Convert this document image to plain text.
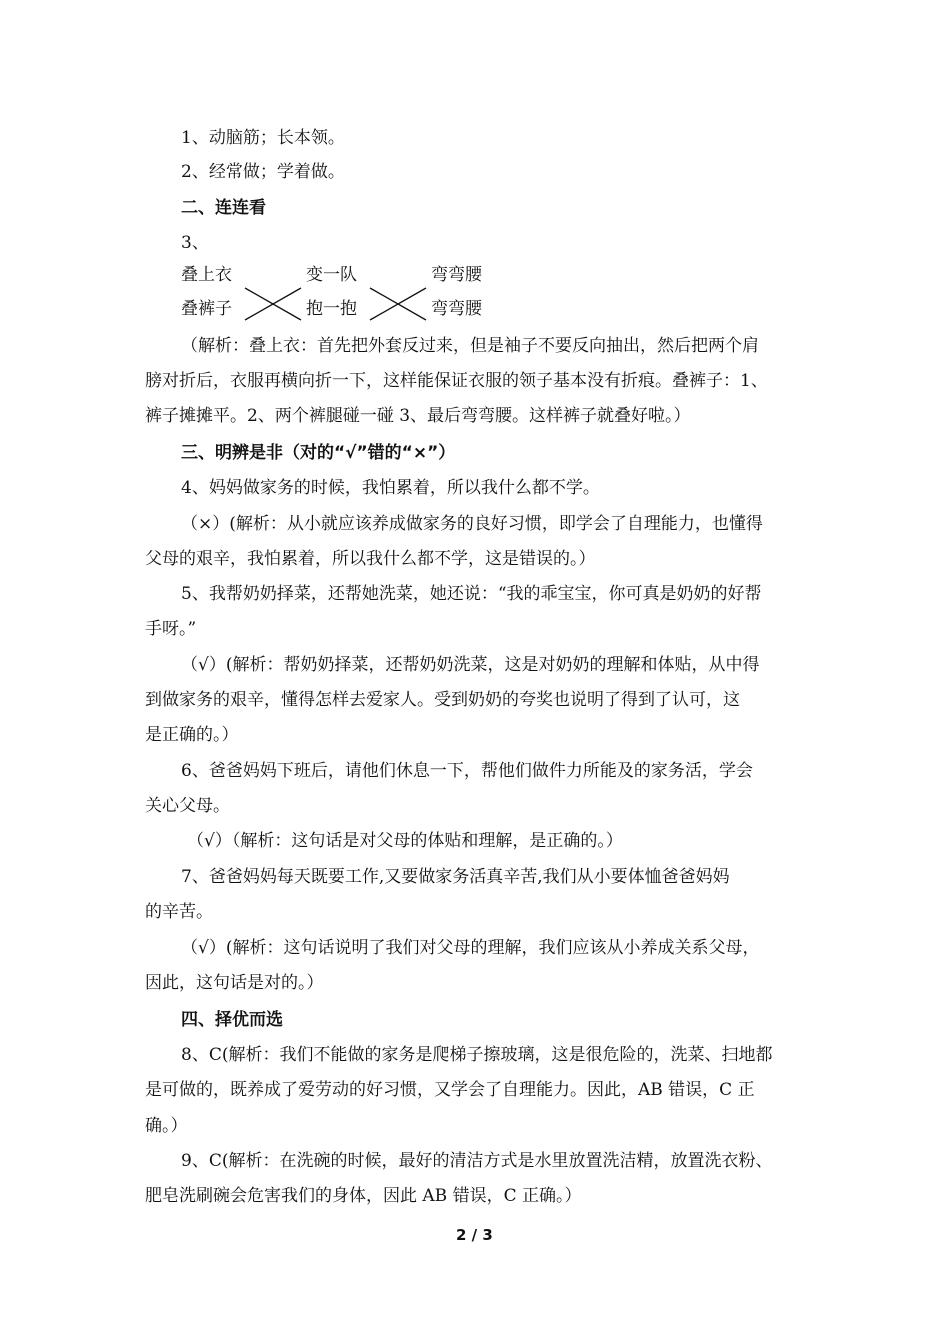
1、动脑筋；长本领。
2、经常做；学着做。
二、连连看
3、
叠上衣	变一队	弯弯腰
叠裤子	抱一抱	弯弯腰
（解析：叠上衣：首先把外套反过来，但是袖子不要反向抽出，然后把两个肩
膀对折后，衣服再横向折一下，这样能保证衣服的领子基本没有折痕。叠裤子：1、
裤子摊摊平。2、两个裤腿碰一碰 3、最后弯弯腰。这样裤子就叠好啦。）
三、明辨是非（对的“√”错的“×”）
4、妈妈做家务的时候，我怕累着，所以我什么都不学。
（×）(解析：从小就应该养成做家务的良好习惯，即学会了自理能力，也懂得
父母的艰辛，我怕累着，所以我什么都不学，这是错误的。）
5、我帮奶奶择菜，还帮她洗菜，她还说：“我的乖宝宝，你可真是奶奶的好帮
手呀。”
（√）(解析：帮奶奶择菜，还帮奶奶洗菜，这是对奶奶的理解和体贴，从中得
到做家务的艰辛，懂得怎样去爱家人。受到奶奶的夸奖也说明了得到了认可，这
是正确的。）
6、爸爸妈妈下班后，请他们休息一下，帮他们做件力所能及的家务活，学会
关心父母。
（√）（解析：这句话是对父母的体贴和理解，是正确的。）
7、爸爸妈妈每天既要工作,又要做家务活真辛苦,我们从小要体恤爸爸妈妈
的辛苦。
（√）(解析：这句话说明了我们对父母的理解，我们应该从小养成关系父母，
因此，这句话是对的。）
四、择优而选
8、C(解析：我们不能做的家务是爬梯子擦玻璃，这是很危险的，洗菜、扫地都
是可做的，既养成了爱劳动的好习惯，又学会了自理能力。因此，AB 错误，C 正
确。）
9、C(解析：在洗碗的时候，最好的清洁方式是水里放置洗洁精，放置洗衣粉、
肥皂洗刷碗会危害我们的身体，因此 AB 错误，C 正确。）
2 / 3
